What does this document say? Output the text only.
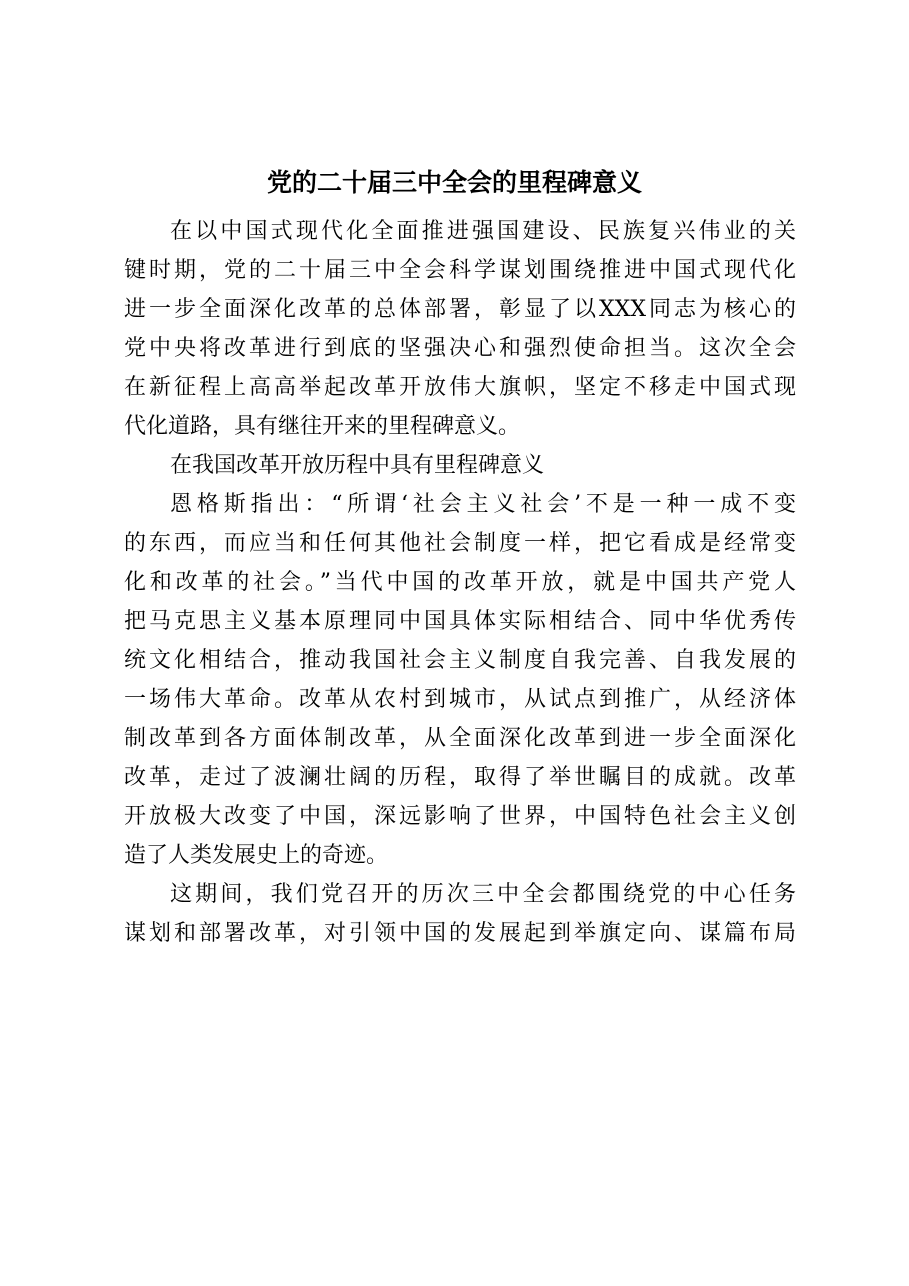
党的二十届三中全会的里程碑意义
在以中国式现代化全面推进强国建设、民族复兴伟业的关
键时期，党的二十届三中全会科学谋划围绕推进中国式现代化
进一步全面深化改革的总体部署，彰显了以XXX同志为核心的
党中央将改革进行到底的坚强决心和强烈使命担当。这次全会
在新征程上高高举起改革开放伟大旗帜，坚定不移走中国式现
代化道路，具有继往开来的里程碑意义。
在我国改革开放历程中具有里程碑意义
恩格斯指出：“所谓‘社会主义社会’不是一种一成不变
的东西，而应当和任何其他社会制度一样，把它看成是经常变
化和改革的社会。”当代中国的改革开放，就是中国共产党人
把马克思主义基本原理同中国具体实际相结合、同中华优秀传
统文化相结合，推动我国社会主义制度自我完善、自我发展的
一场伟大革命。改革从农村到城市，从试点到推广，从经济体
制改革到各方面体制改革，从全面深化改革到进一步全面深化
改革，走过了波澜壮阔的历程，取得了举世瞩目的成就。改革
开放极大改变了中国，深远影响了世界，中国特色社会主义创
造了人类发展史上的奇迹。
这期间，我们党召开的历次三中全会都围绕党的中心任务
谋划和部署改革，对引领中国的发展起到举旗定向、谋篇布局
